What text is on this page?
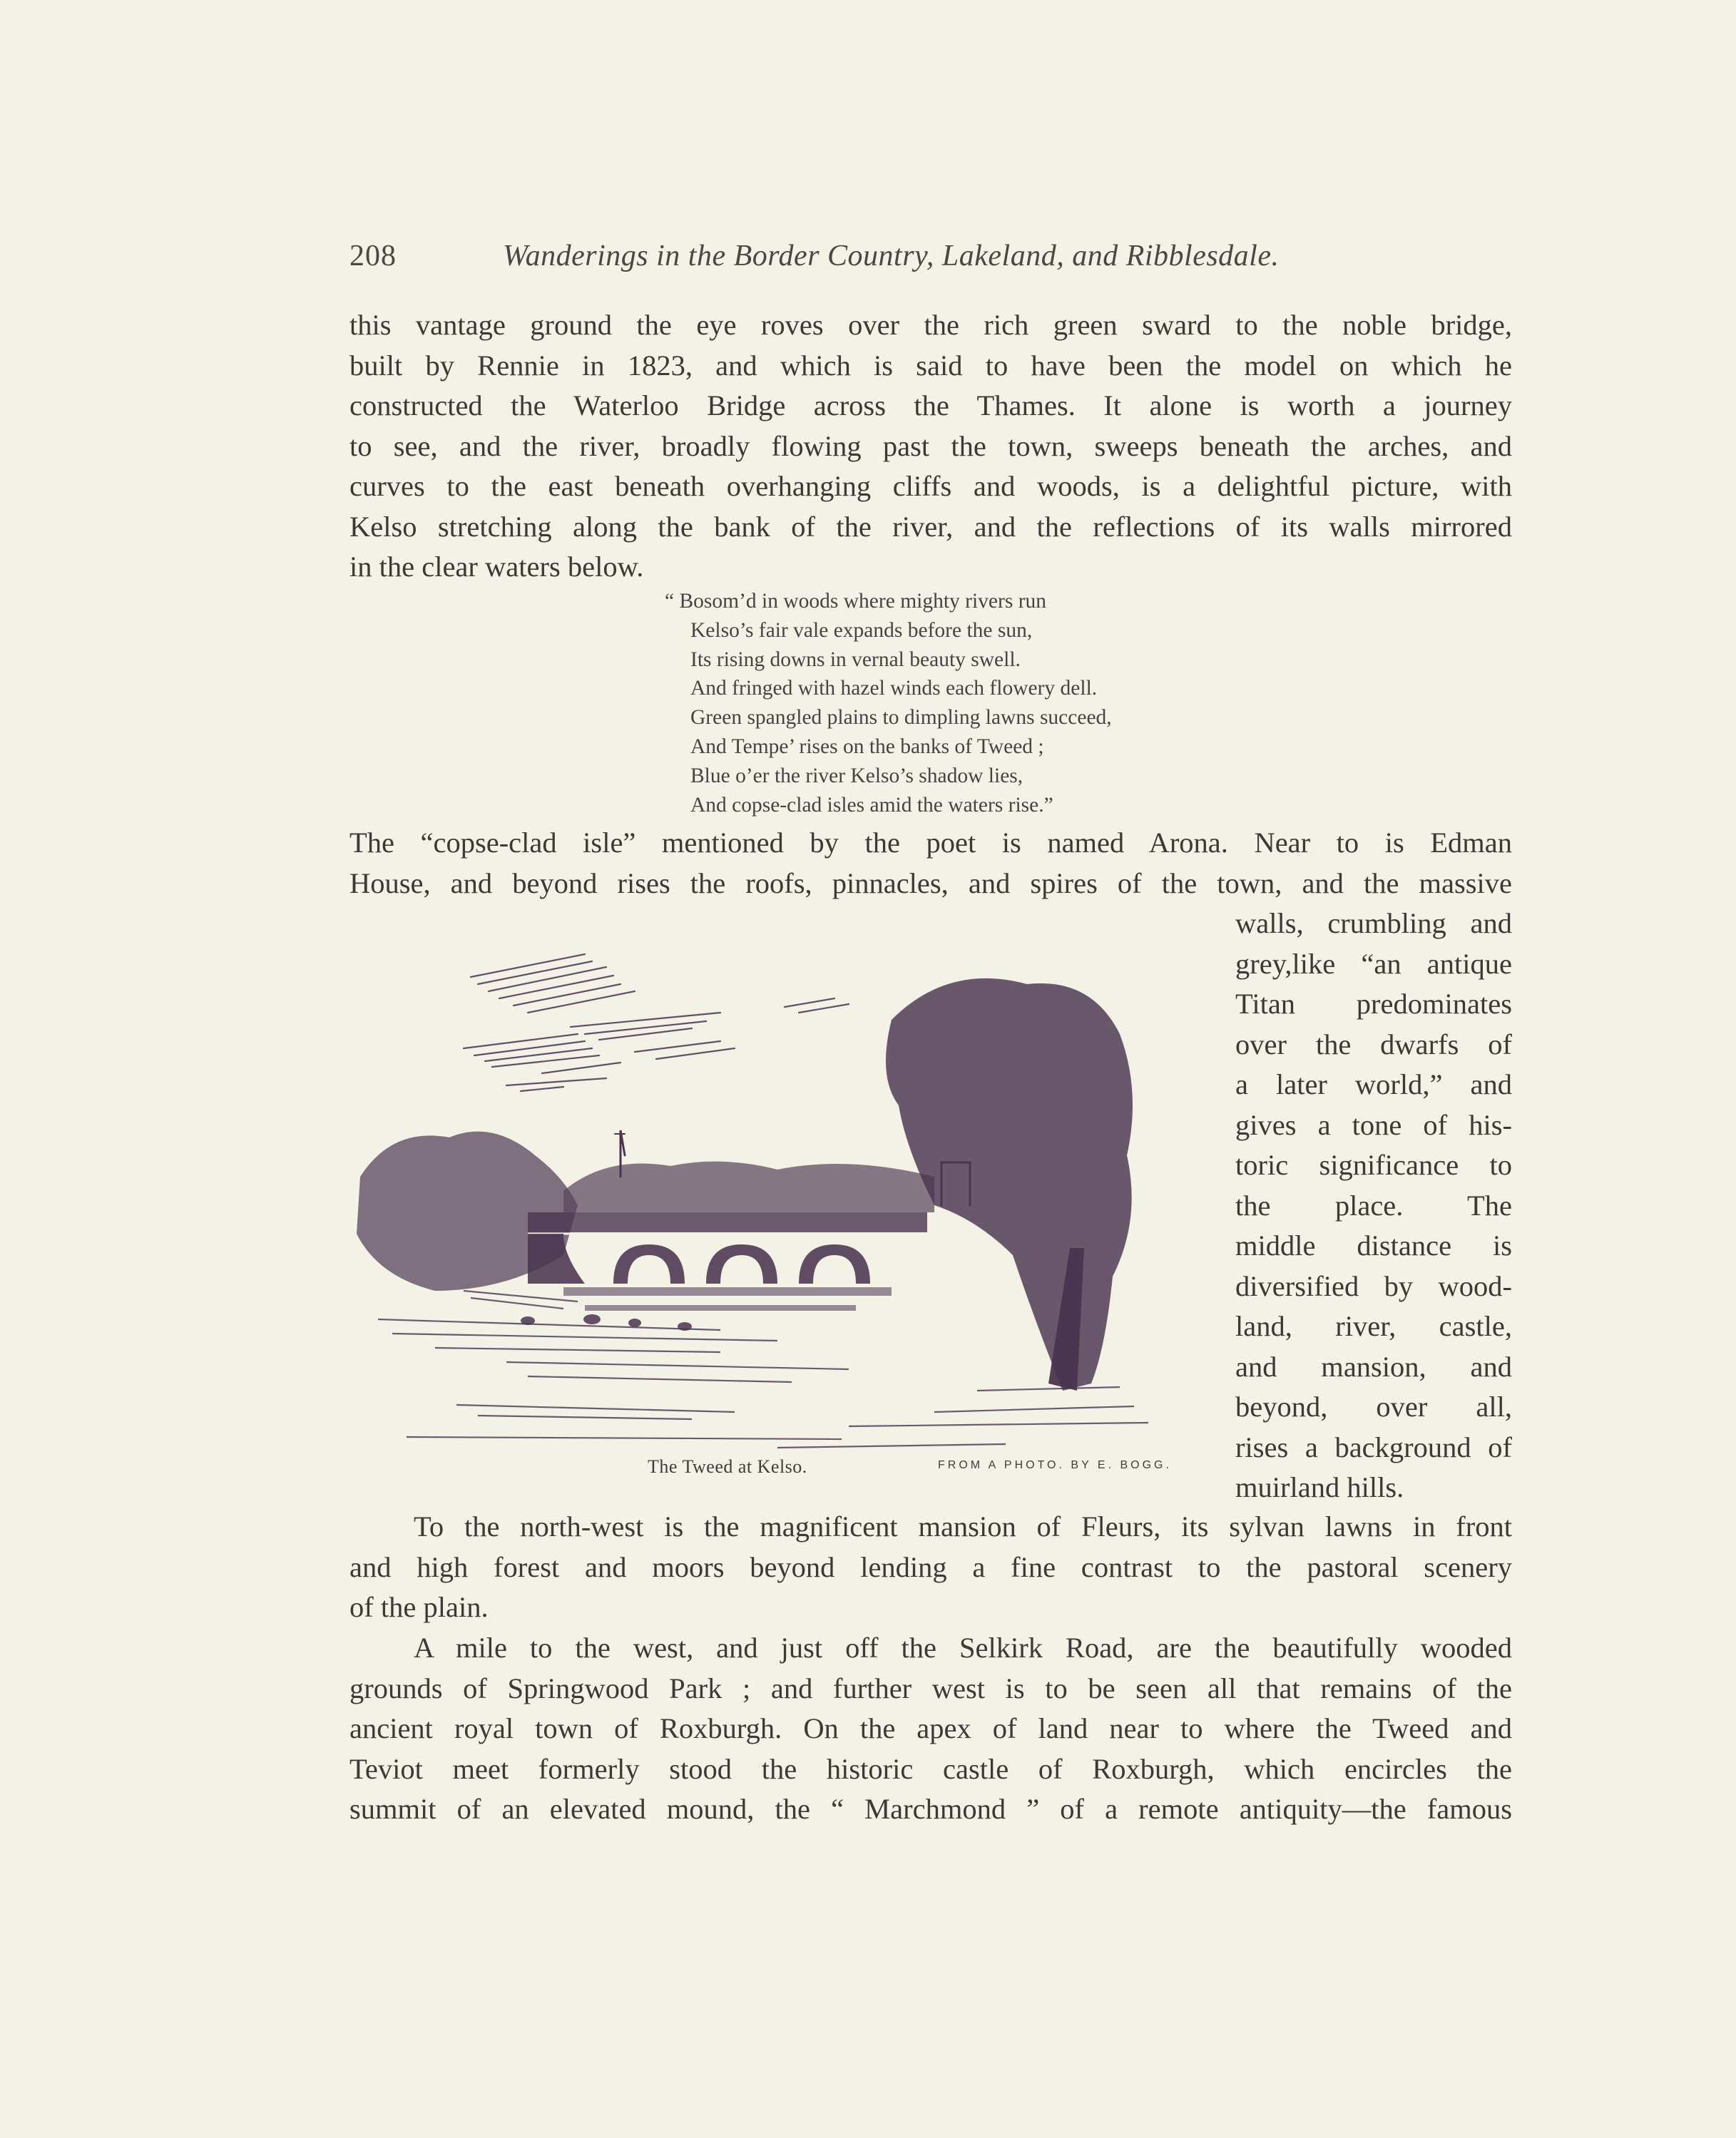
208	Wanderings in the Border Country, Lakeland, and Ribblesdale.
this vantage ground the eye roves over the rich green sward to the noble bridge,
built by Rennie in 1823, and which is said to have been the model on which he
constructed the Waterloo Bridge across the Thames. It alone is worth a journey
to see, and the river, broadly flowing past the town, sweeps beneath the arches, and
curves to the east beneath overhanging cliffs and woods, is a delightful picture, with
Kelso stretching along the bank of the river, and the reflections of its walls mirrored
in the clear waters below.
“ Bosom’d in woods where mighty rivers run
Kelso’s fair vale expands before the sun,
Its rising downs in vernal beauty swell.
And fringed with hazel winds each flowery dell.
Green spangled plains to dimpling lawns succeed,
And Tempe’ rises on the banks of Tweed ;
Blue o’er the river Kelso’s shadow lies,
And copse-clad isles amid the waters rise.”
The “copse-clad isle” mentioned by the poet is named Arona. Near to is Edman
House, and beyond rises the roofs, pinnacles, and spires of the town, and the massive
walls, crumbling and
grey,like “an antique
Titan predominates
over the dwarfs of
a later world,” and
gives a tone of his-
toric significance to
the place. The
middle distance is
diversified by wood-
land, river, castle,
and mansion, and
beyond, over all,
rises a background of
muirland hills.
The Tweed at Kelso.	FROM A PHOTO. BY E. BOGG.
To the north-west is the magnificent mansion of Fleurs, its sylvan lawns in front
and high forest and moors beyond lending a fine contrast to the pastoral scenery
of the plain.
A mile to the west, and just off the Selkirk Road, are the beautifully wooded
grounds of Springwood Park ; and further west is to be seen all that remains of the
ancient royal town of Roxburgh. On the apex of land near to where the Tweed and
Teviot meet formerly stood the historic castle of Roxburgh, which encircles the
summit of an elevated mound, the “ Marchmond ” of a remote antiquity—the famous
